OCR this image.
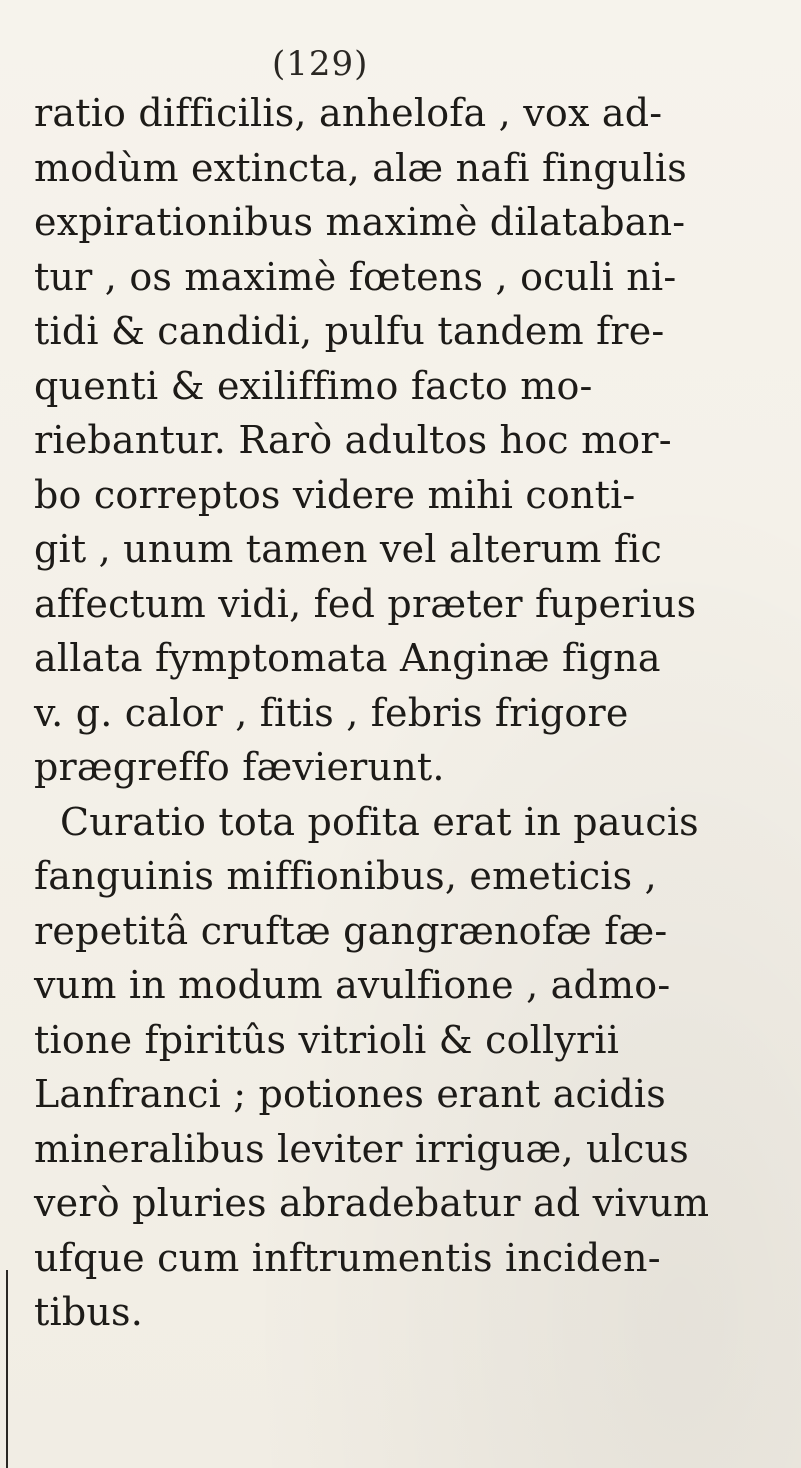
(129)
ratio difficilis, anhelofa , vox ad-
modùm extincta, alæ nafi fingulis
expirationibus maximè dilataban-
tur , os maximè fœtens , oculi ni-
tidi & candidi, pulfu tandem fre-
quenti & exiliffimo facto mo-
riebantur. Rarò adultos hoc mor-
bo correptos videre mihi conti-
git , unum tamen vel alterum fic
affectum vidi, fed præter fuperius
allata fymptomata Anginæ figna
v. g. calor , fitis , febris frigore
prægreffo fævierunt.
Curatio tota pofita erat in paucis
fanguinis miffionibus, emeticis ,
repetitâ cruftæ gangrænofæ fæ-
vum in modum avulfione , admo-
tione fpiritûs vitrioli & collyrii
Lanfranci ; potiones erant acidis
mineralibus leviter irriguæ, ulcus
verò pluries abradebatur ad vivum
ufque cum inftrumentis inciden-
tibus.
